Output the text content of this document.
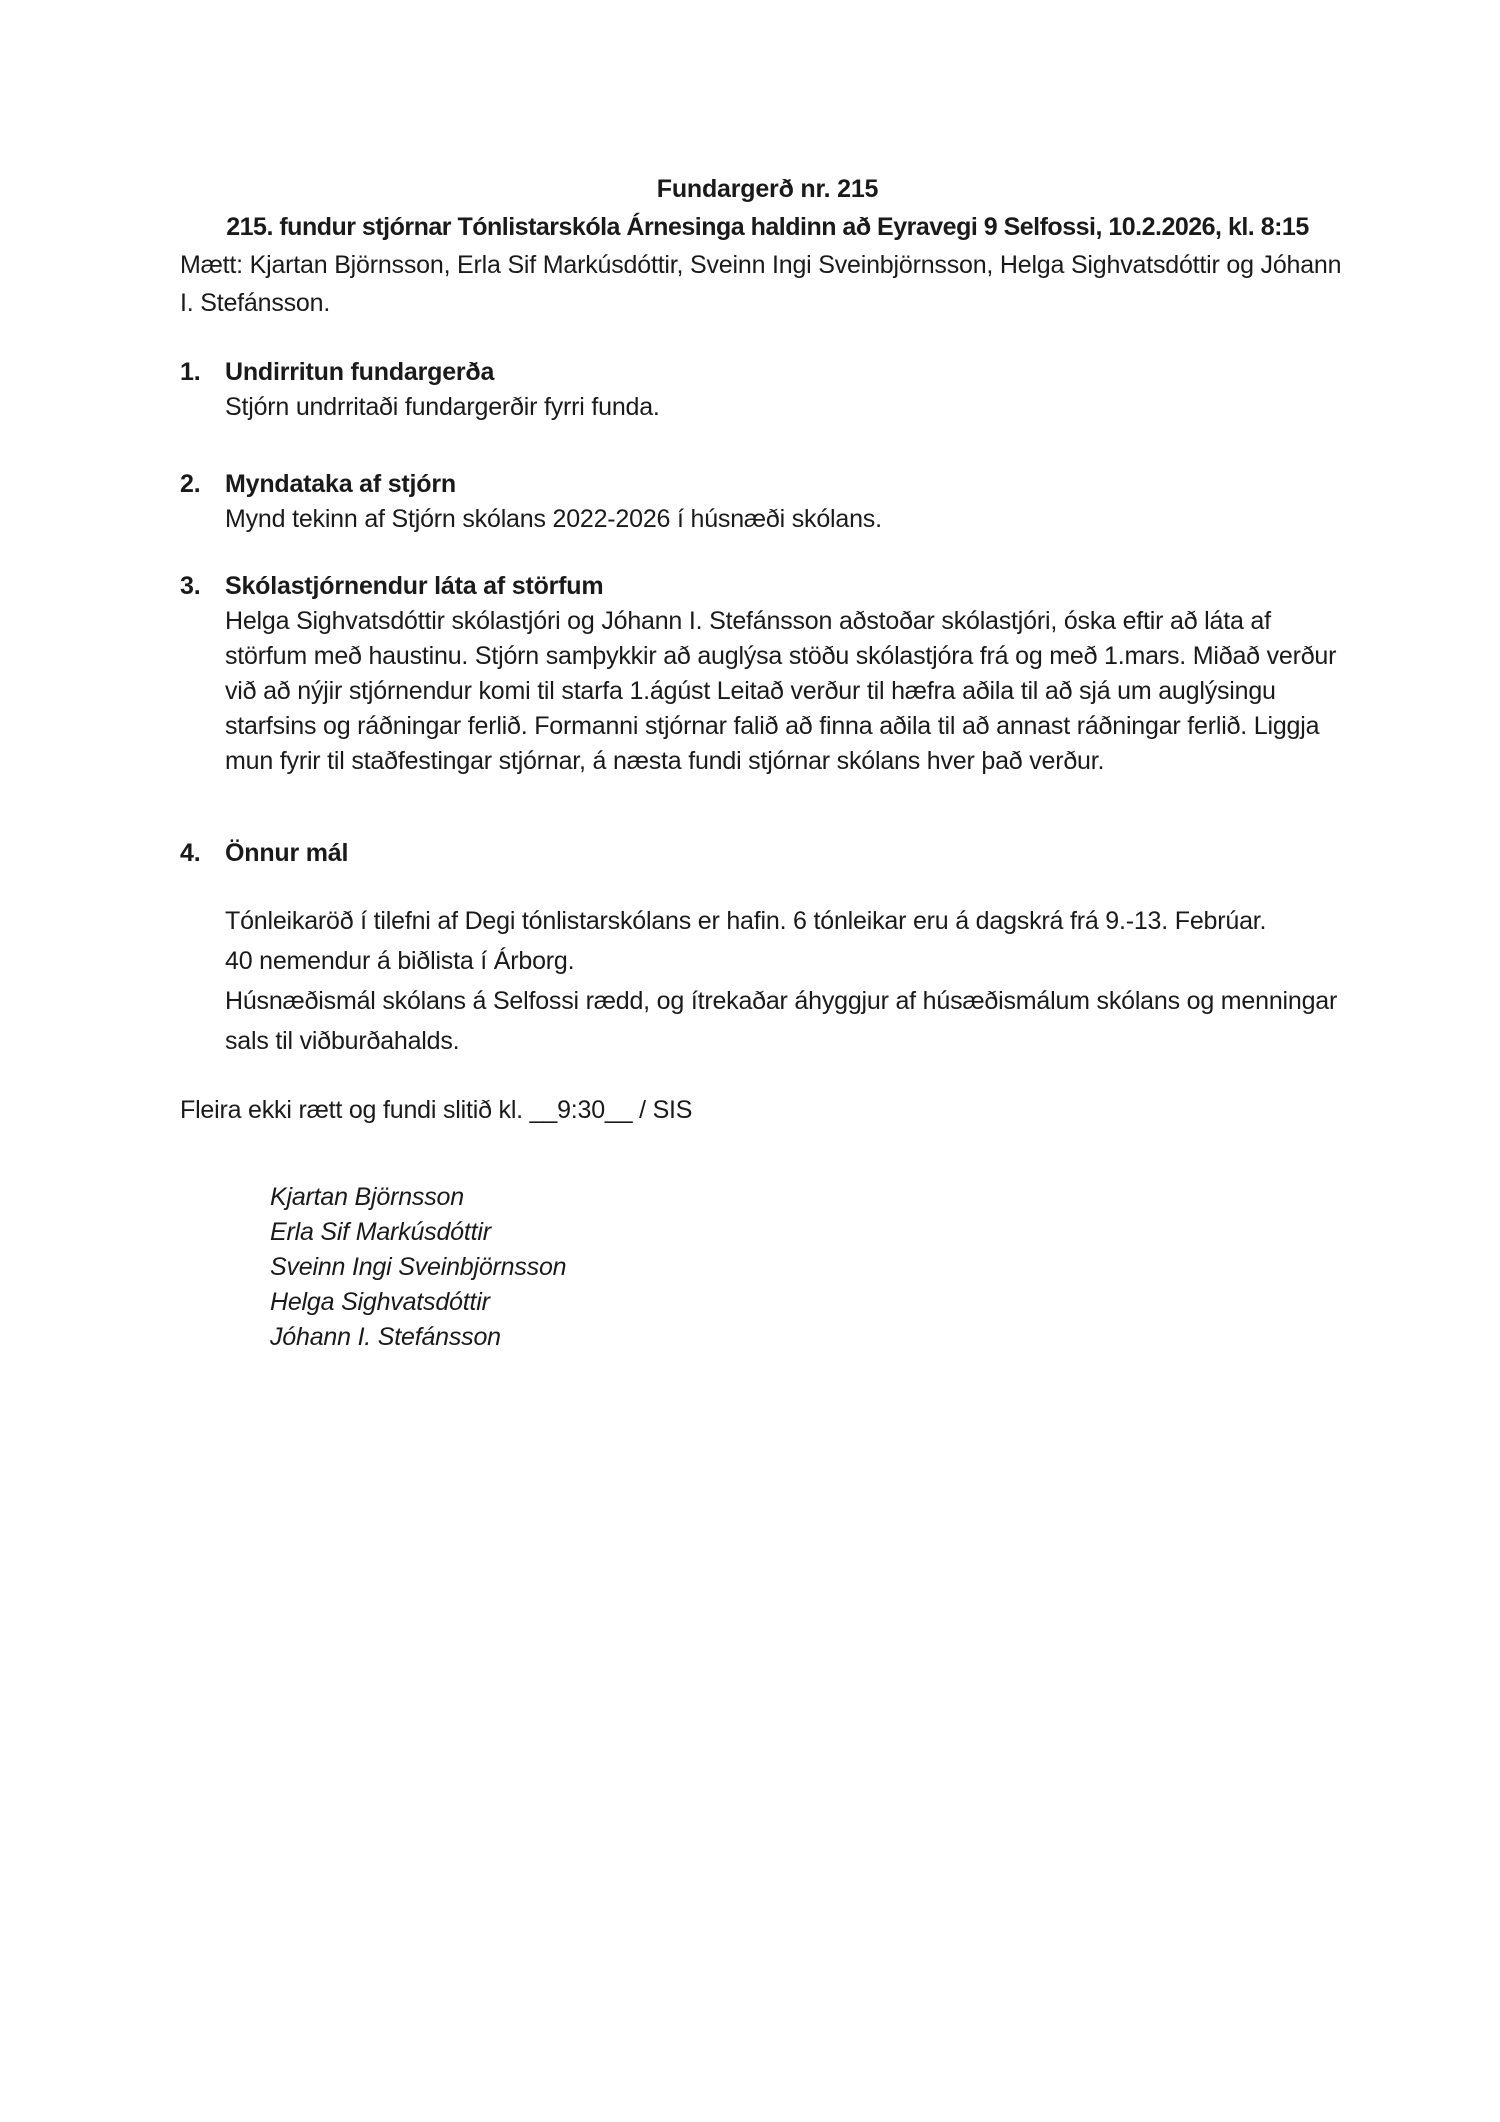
Fundargerð nr. 215
215. fundur stjórnar Tónlistarskóla Árnesinga haldinn að Eyravegi 9 Selfossi, 10.2.2026, kl. 8:15
Mætt: Kjartan Björnsson, Erla Sif Markúsdóttir, Sveinn Ingi Sveinbjörnsson, Helga Sighvatsdóttir og Jóhann I. Stefánsson.
1. Undirritun fundargerða

Stjórn undrritaði fundargerðir fyrri funda.

2. Myndataka af stjórn

Mynd tekinn af Stjórn skólans 2022-2026 í húsnæði skólans.

3. Skólastjórnendur láta af störfum

Helga Sighvatsdóttir skólastjóri og Jóhann I. Stefánsson aðstoðar skólastjóri, óska eftir að láta af störfum með haustinu. Stjórn samþykkir að auglýsa stöðu skólastjóra frá og með 1.mars. Miðað verður við að nýjir stjórnendur komi til starfa 1.ágúst Leitað verður til hæfra aðila til að sjá um auglýsingu starfsins og ráðningar ferlið. Formanni stjórnar falið að finna aðila til að annast ráðningar ferlið. Liggja mun fyrir til staðfestingar stjórnar, á næsta fundi stjórnar skólans hver það verður.

4. Önnur mál

Tónleikaröð í tilefni af Degi tónlistarskólans er hafin. 6 tónleikar eru á dagskrá frá 9.-13. Febrúar.

40 nemendur á biðlista í Árborg.

Húsnæðismál skólans á Selfossi rædd, og ítrekaðar áhyggjur af húsæðismálum skólans og menningar sals til viðburðahalds.

Fleira ekki rætt og fundi slitið kl. __9:30__ / SIS
Kjartan Björnsson
Erla Sif Markúsdóttir
Sveinn Ingi Sveinbjörnsson
Helga Sighvatsdóttir
Jóhann I. Stefánsson
